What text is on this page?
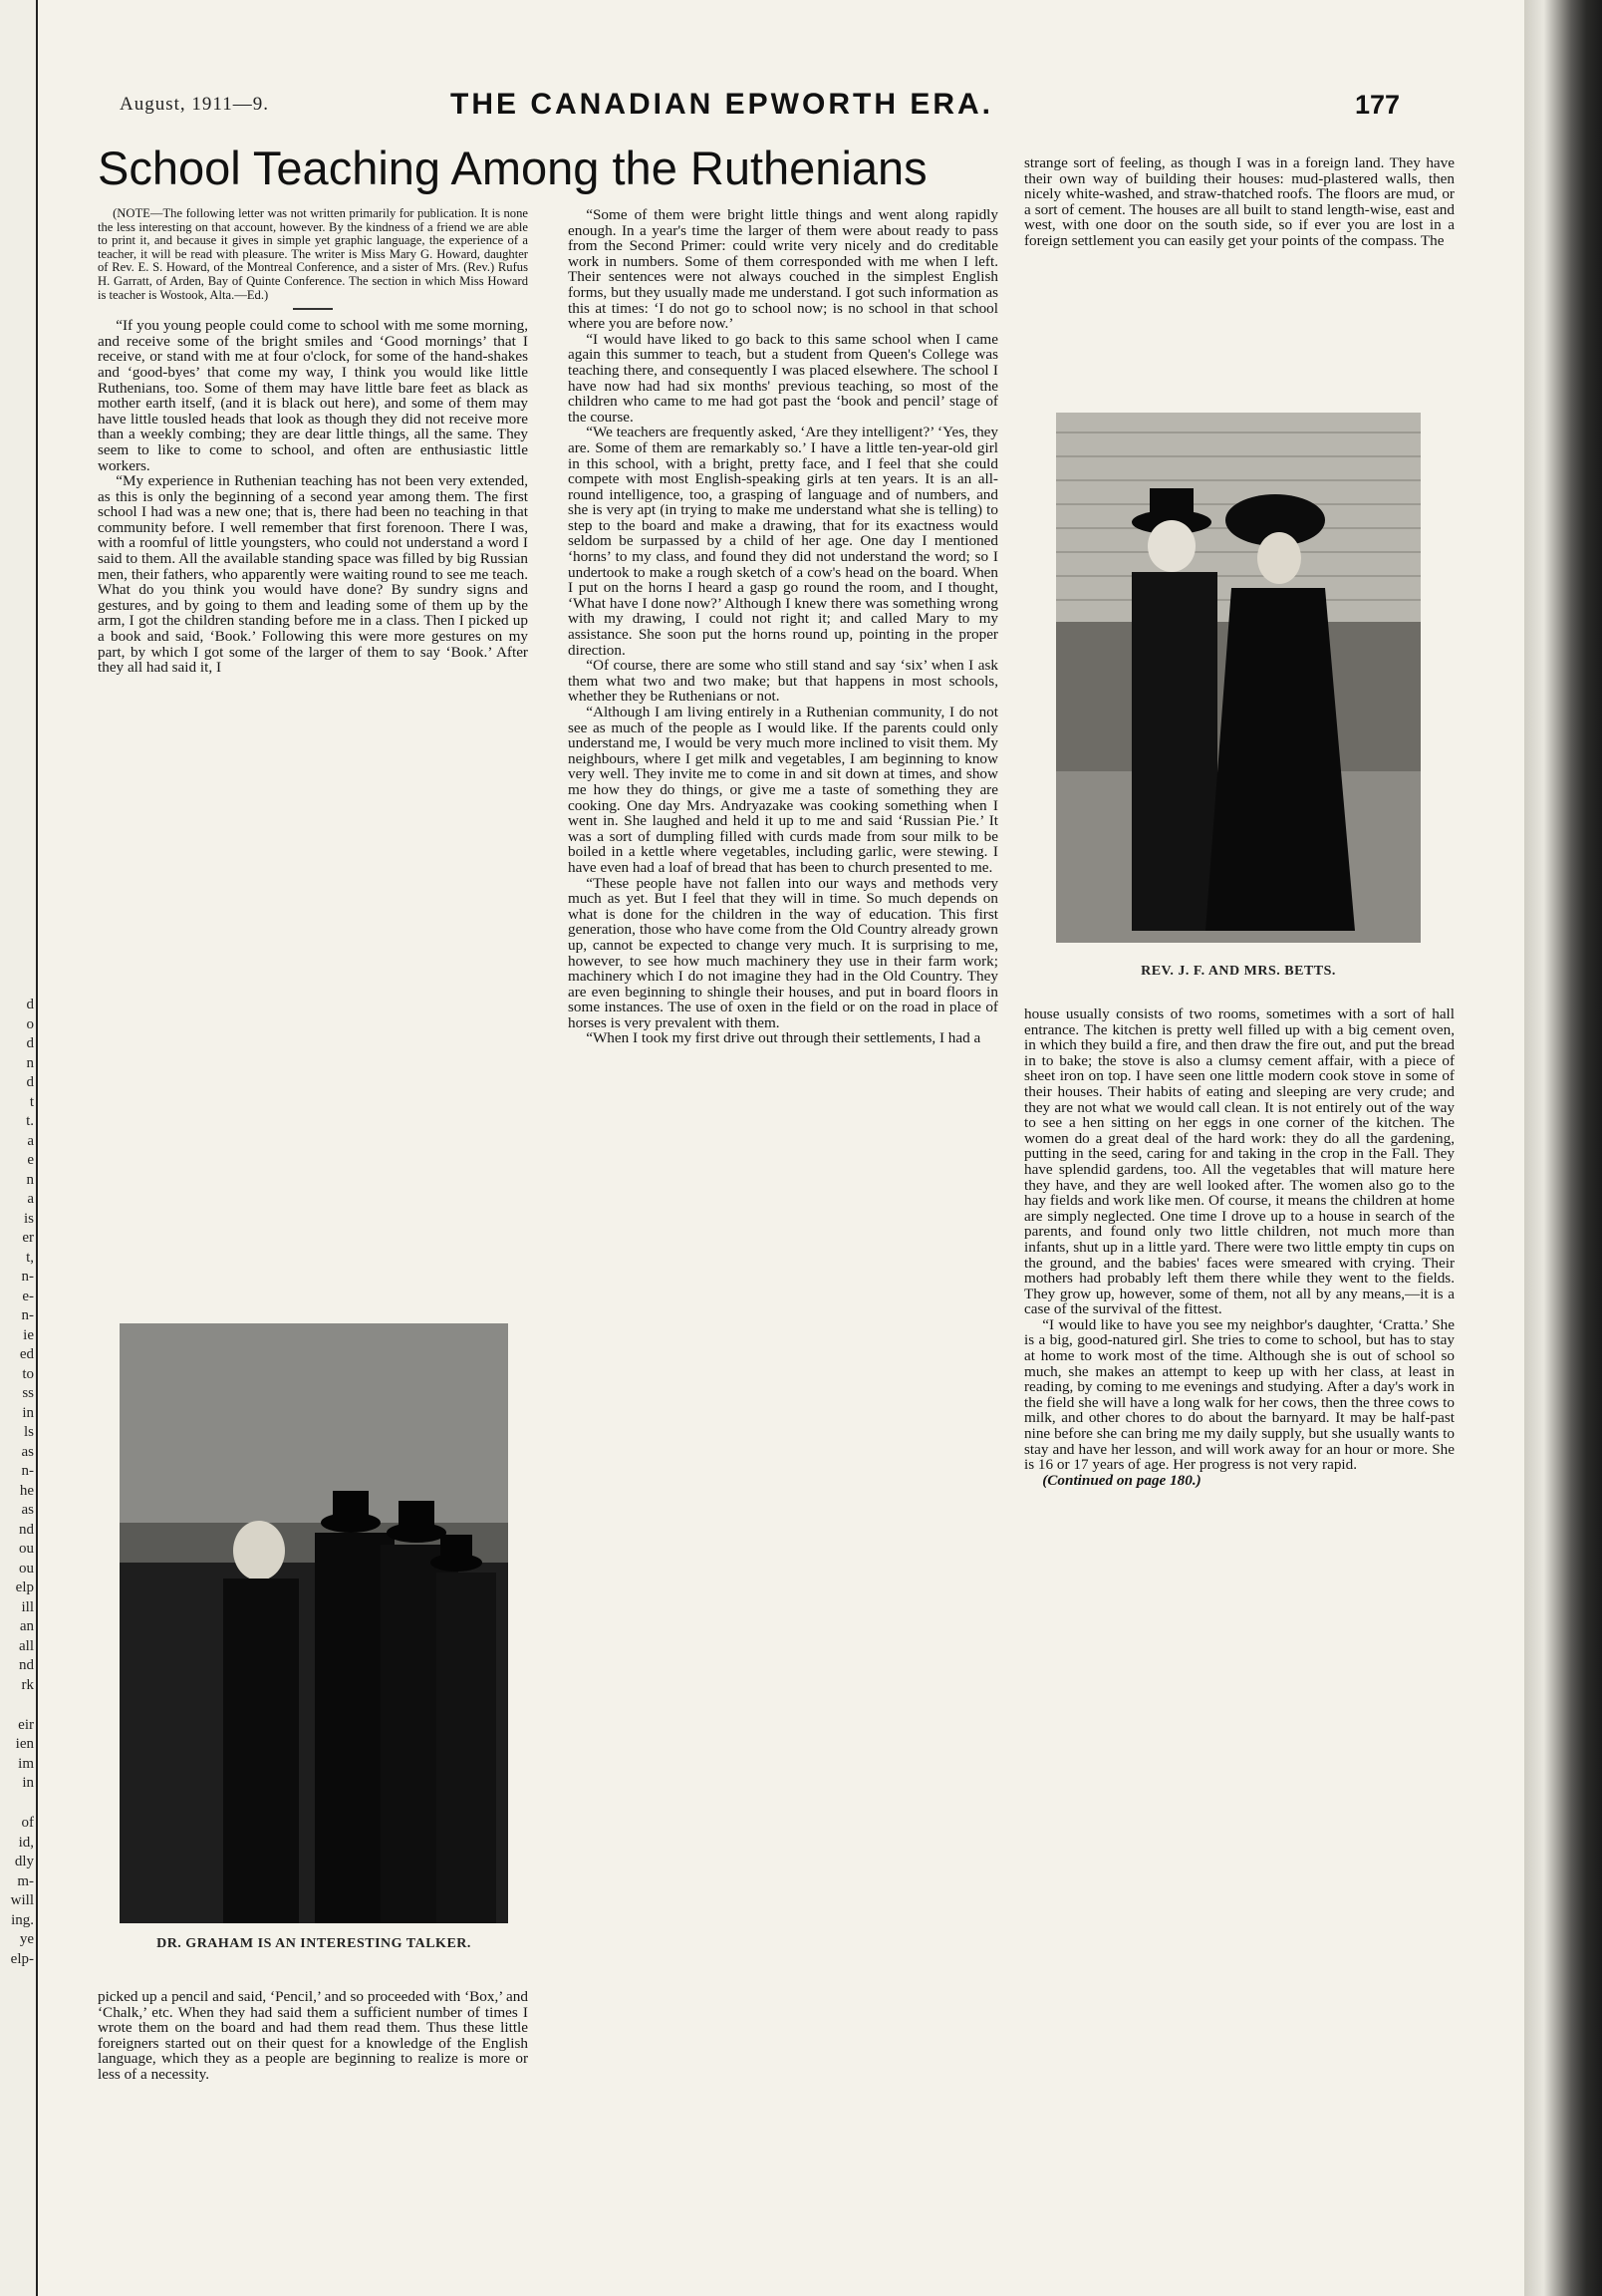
d
o
d
n
d
t
t.
a
e
n
a
is
er
t,
n-
e-
n-
ie
ed
to
ss
in
ls
as
n-
he
as
nd
ou
ou
elp
ill
an
all
nd
rk
eir
ien
im
in
of
id,
dly
m-
will
ing.
ye
elp-
August, 1911—9.	THE CANADIAN EPWORTH ERA.	177
School Teaching Among the Ruthenians

(NOTE—The following letter was not written primarily for publication. It is none the less interesting on that account, however. By the kindness of a friend we are able to print it, and because it gives in simple yet graphic language, the experience of a teacher, it will be read with pleasure. The writer is Miss Mary G. Howard, daughter of Rev. E. S. Howard, of the Montreal Conference, and a sister of Mrs. (Rev.) Rufus H. Garratt, of Arden, Bay of Quinte Conference. The section in which Miss Howard is teacher is Wostook, Alta.—Ed.)

“If you young people could come to school with me some morning, and receive some of the bright smiles and ‘Good mornings’ that I receive, or stand with me at four o'clock, for some of the hand-shakes and ‘good-byes’ that come my way, I think you would like little Ruthenians, too. Some of them may have little bare feet as black as mother earth itself, (and it is black out here), and some of them may have little tousled heads that look as though they did not receive more than a weekly combing; they are dear little things, all the same. They seem to like to come to school, and often are enthusiastic little workers.

“My experience in Ruthenian teaching has not been very extended, as this is only the beginning of a second year among them. The first school I had was a new one; that is, there had been no teaching in that community before. I well remember that first forenoon. There I was, with a roomful of little youngsters, who could not understand a word I said to them. All the available standing space was filled by big Russian men, their fathers, who apparently were waiting round to see me teach. What do you think you would have done? By sundry signs and gestures, and by going to them and leading some of them up by the arm, I got the children standing before me in a class. Then I picked up a book and said, ‘Book.’ Following this were more gestures on my part, by which I got some of the larger of them to say ‘Book.’ After they all had said it, I

DR. GRAHAM IS AN INTERESTING TALKER.

picked up a pencil and said, ‘Pencil,’ and so proceeded with ‘Box,’ and ‘Chalk,’ etc. When they had said them a sufficient number of times I wrote them on the board and had them read them. Thus these little foreigners started out on their quest for a knowledge of the English language, which they as a people are beginning to realize is more or less of a necessity.

“Some of them were bright little things and went along rapidly enough. In a year's time the larger of them were about ready to pass from the Second Primer: could write very nicely and do creditable work in numbers. Some of them corresponded with me when I left. Their sentences were not always couched in the simplest English forms, but they usually made me understand. I got such information as this at times: ‘I do not go to school now; is no school in that school where you are before now.’

“I would have liked to go back to this same school when I came again this summer to teach, but a student from Queen's College was teaching there, and consequently I was placed elsewhere. The school I have now had had six months' previous teaching, so most of the children who came to me had got past the ‘book and pencil’ stage of the course.

“We teachers are frequently asked, ‘Are they intelligent?’ ‘Yes, they are. Some of them are remarkably so.’ I have a little ten-year-old girl in this school, with a bright, pretty face, and I feel that she could compete with most English-speaking girls at ten years. It is an all-round intelligence, too, a grasping of language and of numbers, and she is very apt (in trying to make me understand what she is telling) to step to the board and make a drawing, that for its exactness would seldom be surpassed by a child of her age. One day I mentioned ‘horns’ to my class, and found they did not understand the word; so I undertook to make a rough sketch of a cow's head on the board. When I put on the horns I heard a gasp go round the room, and I thought, ‘What have I done now?’ Although I knew there was something wrong with my drawing, I could not right it; and called Mary to my assistance. She soon put the horns round up, pointing in the proper direction.

“Of course, there are some who still stand and say ‘six’ when I ask them what two and two make; but that happens in most schools, whether they be Ruthenians or not.

“Although I am living entirely in a Ruthenian community, I do not see as much of the people as I would like. If the parents could only understand me, I would be very much more inclined to visit them. My neighbours, where I get milk and vegetables, I am beginning to know very well. They invite me to come in and sit down at times, and show me how they do things, or give me a taste of something they are cooking. One day Mrs. Andryazake was cooking something when I went in. She laughed and held it up to me and said ‘Russian Pie.’ It was a sort of dumpling filled with curds made from sour milk to be boiled in a kettle where vegetables, including garlic, were stewing. I have even had a loaf of bread that has been to church presented to me.

“These people have not fallen into our ways and methods very much as yet. But I feel that they will in time. So much depends on what is done for the children in the way of education. This first generation, those who have come from the Old Country already grown up, cannot be expected to change very much. It is surprising to me, however, to see how much machinery they use in their farm work; machinery which I do not imagine they had in the Old Country. They are even beginning to shingle their houses, and put in board floors in some instances. The use of oxen in the field or on the road in place of horses is very prevalent with them.

“When I took my first drive out through their settlements, I had a

strange sort of feeling, as though I was in a foreign land. They have their own way of building their houses: mud-plastered walls, then nicely white-washed, and straw-thatched roofs. The floors are mud, or a sort of cement. The houses are all built to stand length-wise, east and west, with one door on the south side, so if ever you are lost in a foreign settlement you can easily get your points of the compass. The

REV. J. F. AND MRS. BETTS.

house usually consists of two rooms, sometimes with a sort of hall entrance. The kitchen is pretty well filled up with a big cement oven, in which they build a fire, and then draw the fire out, and put the bread in to bake; the stove is also a clumsy cement affair, with a piece of sheet iron on top. I have seen one little modern cook stove in some of their houses. Their habits of eating and sleeping are very crude; and they are not what we would call clean. It is not entirely out of the way to see a hen sitting on her eggs in one corner of the kitchen. The women do a great deal of the hard work: they do all the gardening, putting in the seed, caring for and taking in the crop in the Fall. They have splendid gardens, too. All the vegetables that will mature here they have, and they are well looked after. The women also go to the hay fields and work like men. Of course, it means the children at home are simply neglected. One time I drove up to a house in search of the parents, and found only two little children, not much more than infants, shut up in a little yard. There were two little empty tin cups on the ground, and the babies' faces were smeared with crying. Their mothers had probably left them there while they went to the fields. They grow up, however, some of them, not all by any means,—it is a case of the survival of the fittest.

“I would like to have you see my neighbor's daughter, ‘Cratta.’ She is a big, good-natured girl. She tries to come to school, but has to stay at home to work most of the time. Although she is out of school so much, she makes an attempt to keep up with her class, at least in reading, by coming to me evenings and studying. After a day's work in the field she will have a long walk for her cows, then the three cows to milk, and other chores to do about the barnyard. It may be half-past nine before she can bring me my daily supply, but she usually wants to stay and have her lesson, and will work away for an hour or more. She is 16 or 17 years of age. Her progress is not very rapid.

(Continued on page 180.)
